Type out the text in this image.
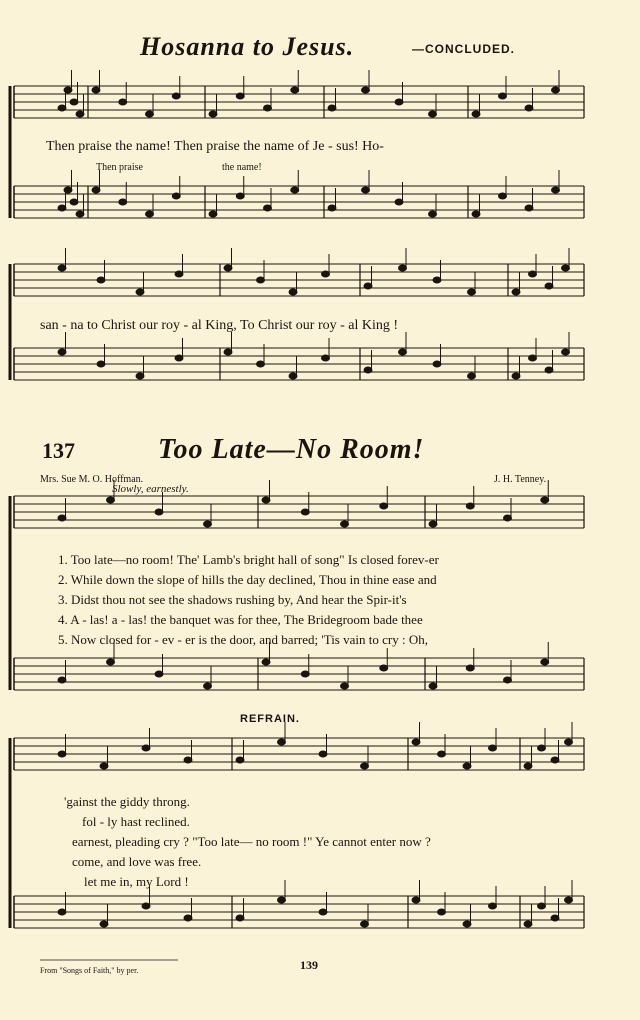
Hosanna to Jesus.	—CONCLUDED.
Then praise the name! Then praise the name of Je - sus! Ho-
Then praise	the name!
san - na to Christ our roy - al King, To Christ our roy - al King !
137	Too Late—No Room!
Mrs. Sue M. O. Hoffman.	J. H. Tenney.
Slowly, earnestly.
1. Too late—no room! The' Lamb's bright hall of song" Is closed forev-er
2. While down the slope of hills the day declined, Thou in thine ease and
3. Didst thou not see the shadows rushing by, And hear the Spir-it's
4. A - las! a - las! the banquet was for thee, The Bridegroom bade thee
5. Now closed for - ev - er is the door, and barred; 'Tis vain to cry : Oh,
REFRAIN.
'gainst the giddy throng.
fol - ly hast reclined.
earnest, pleading cry ? "Too late— no room !" Ye cannot enter now ?
come, and love was free.
let me in, my Lord !
From "Songs of Faith," by per.	139
